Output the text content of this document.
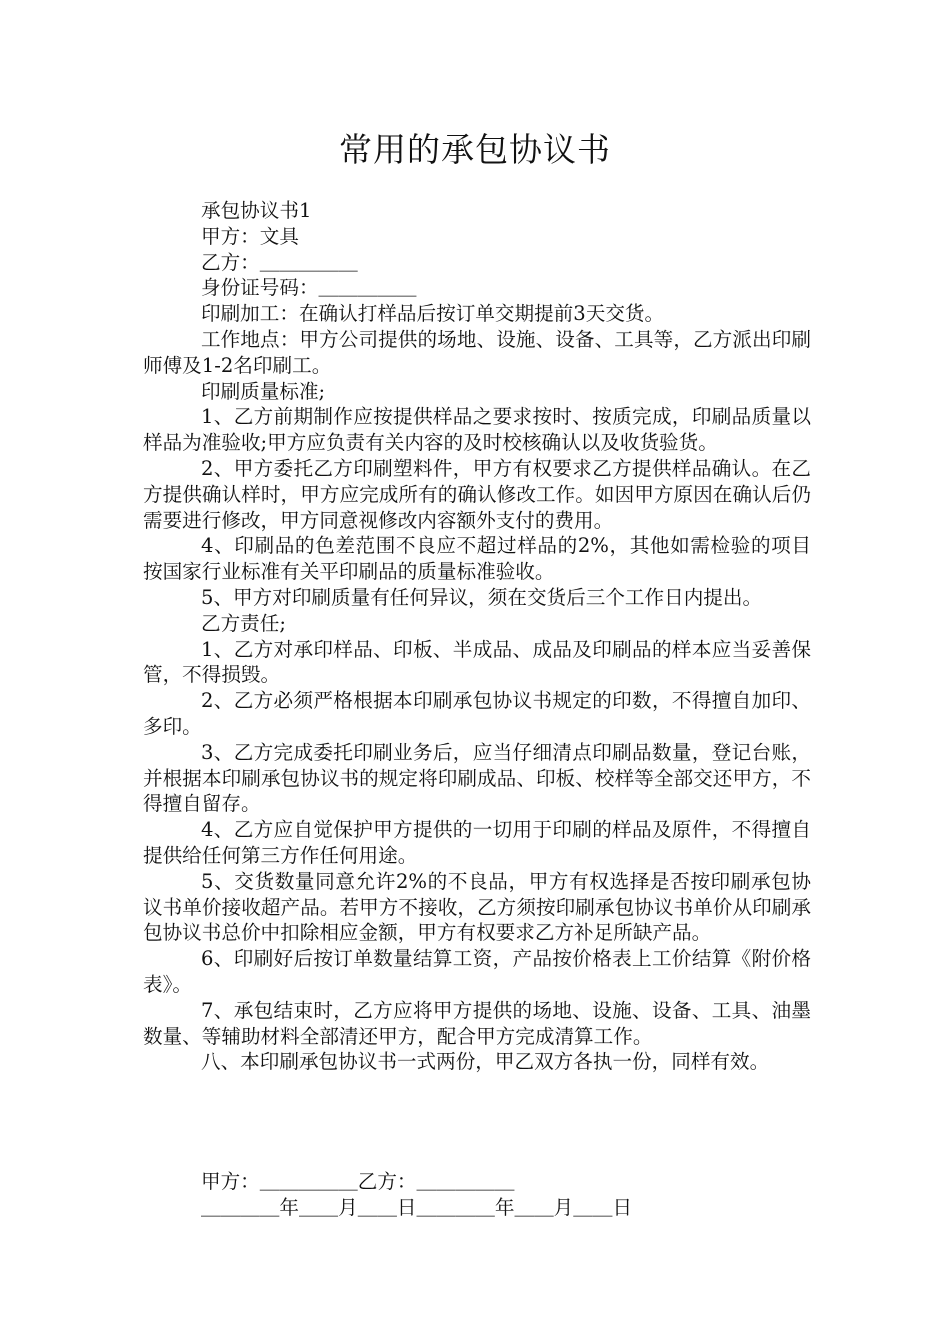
常用的承包协议书

承包协议书1

甲方：文具

乙方：＿＿＿＿＿

身份证号码：＿＿＿＿＿

印刷加工：在确认打样品后按订单交期提前3天交货。

工作地点：甲方公司提供的场地、设施、设备、工具等，乙方派出印刷师傅及1-2名印刷工。

印刷质量标准;

1、乙方前期制作应按提供样品之要求按时、按质完成，印刷品质量以样品为准验收;甲方应负责有关内容的及时校核确认以及收货验货。

2、甲方委托乙方印刷塑料件，甲方有权要求乙方提供样品确认。在乙方提供确认样时，甲方应完成所有的确认修改工作。如因甲方原因在确认后仍需要进行修改，甲方同意视修改内容额外支付的费用。

4、印刷品的色差范围不良应不超过样品的2%，其他如需检验的项目按国家行业标准有关平印刷品的质量标准验收。

5、甲方对印刷质量有任何异议，须在交货后三个工作日内提出。

乙方责任;

1、乙方对承印样品、印板、半成品、成品及印刷品的样本应当妥善保管，不得损毁。

2、乙方必须严格根据本印刷承包协议书规定的印数，不得擅自加印、多印。

3、乙方完成委托印刷业务后，应当仔细清点印刷品数量，登记台账，并根据本印刷承包协议书的规定将印刷成品、印板、校样等全部交还甲方，不得擅自留存。

4、乙方应自觉保护甲方提供的一切用于印刷的样品及原件，不得擅自提供给任何第三方作任何用途。

5、交货数量同意允许2%的不良品，甲方有权选择是否按印刷承包协议书单价接收超产品。若甲方不接收，乙方须按印刷承包协议书单价从印刷承包协议书总价中扣除相应金额，甲方有权要求乙方补足所缺产品。

6、印刷好后按订单数量结算工资，产品按价格表上工价结算《附价格表》。

7、承包结束时，乙方应将甲方提供的场地、设施、设备、工具、油墨数量、等辅助材料全部清还甲方，配合甲方完成清算工作。

八、本印刷承包协议书一式两份，甲乙双方各执一份，同样有效。

甲方：＿＿＿＿＿乙方：＿＿＿＿＿
＿＿＿＿年＿＿月＿＿日＿＿＿＿年＿＿月＿＿日
